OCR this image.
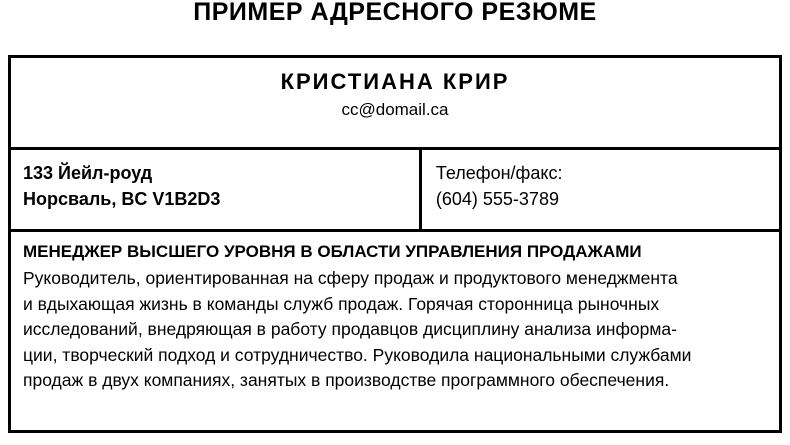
ПРИМЕР АДРЕСНОГО РЕЗЮМЕ
КРИСТИАНА КРИР
cc@domail.ca
133 Йейл-роуд
Норсваль, BC V1B2D3
Телефон/факс:
(604) 555-3789
МЕНЕДЖЕР ВЫСШЕГО УРОВНЯ В ОБЛАСТИ УПРАВЛЕНИЯ ПРОДАЖАМИ

Руководитель, ориентированная на сферу продаж и продуктового менеджмента

и вдыхающая жизнь в команды служб продаж. Горячая сторонница рыночных

исследований, внедряющая в работу продавцов дисциплину анализа информа-

ции, творческий подход и сотрудничество. Руководила национальными службами

продаж в двух компаниях, занятых в производстве программного обеспечения.
